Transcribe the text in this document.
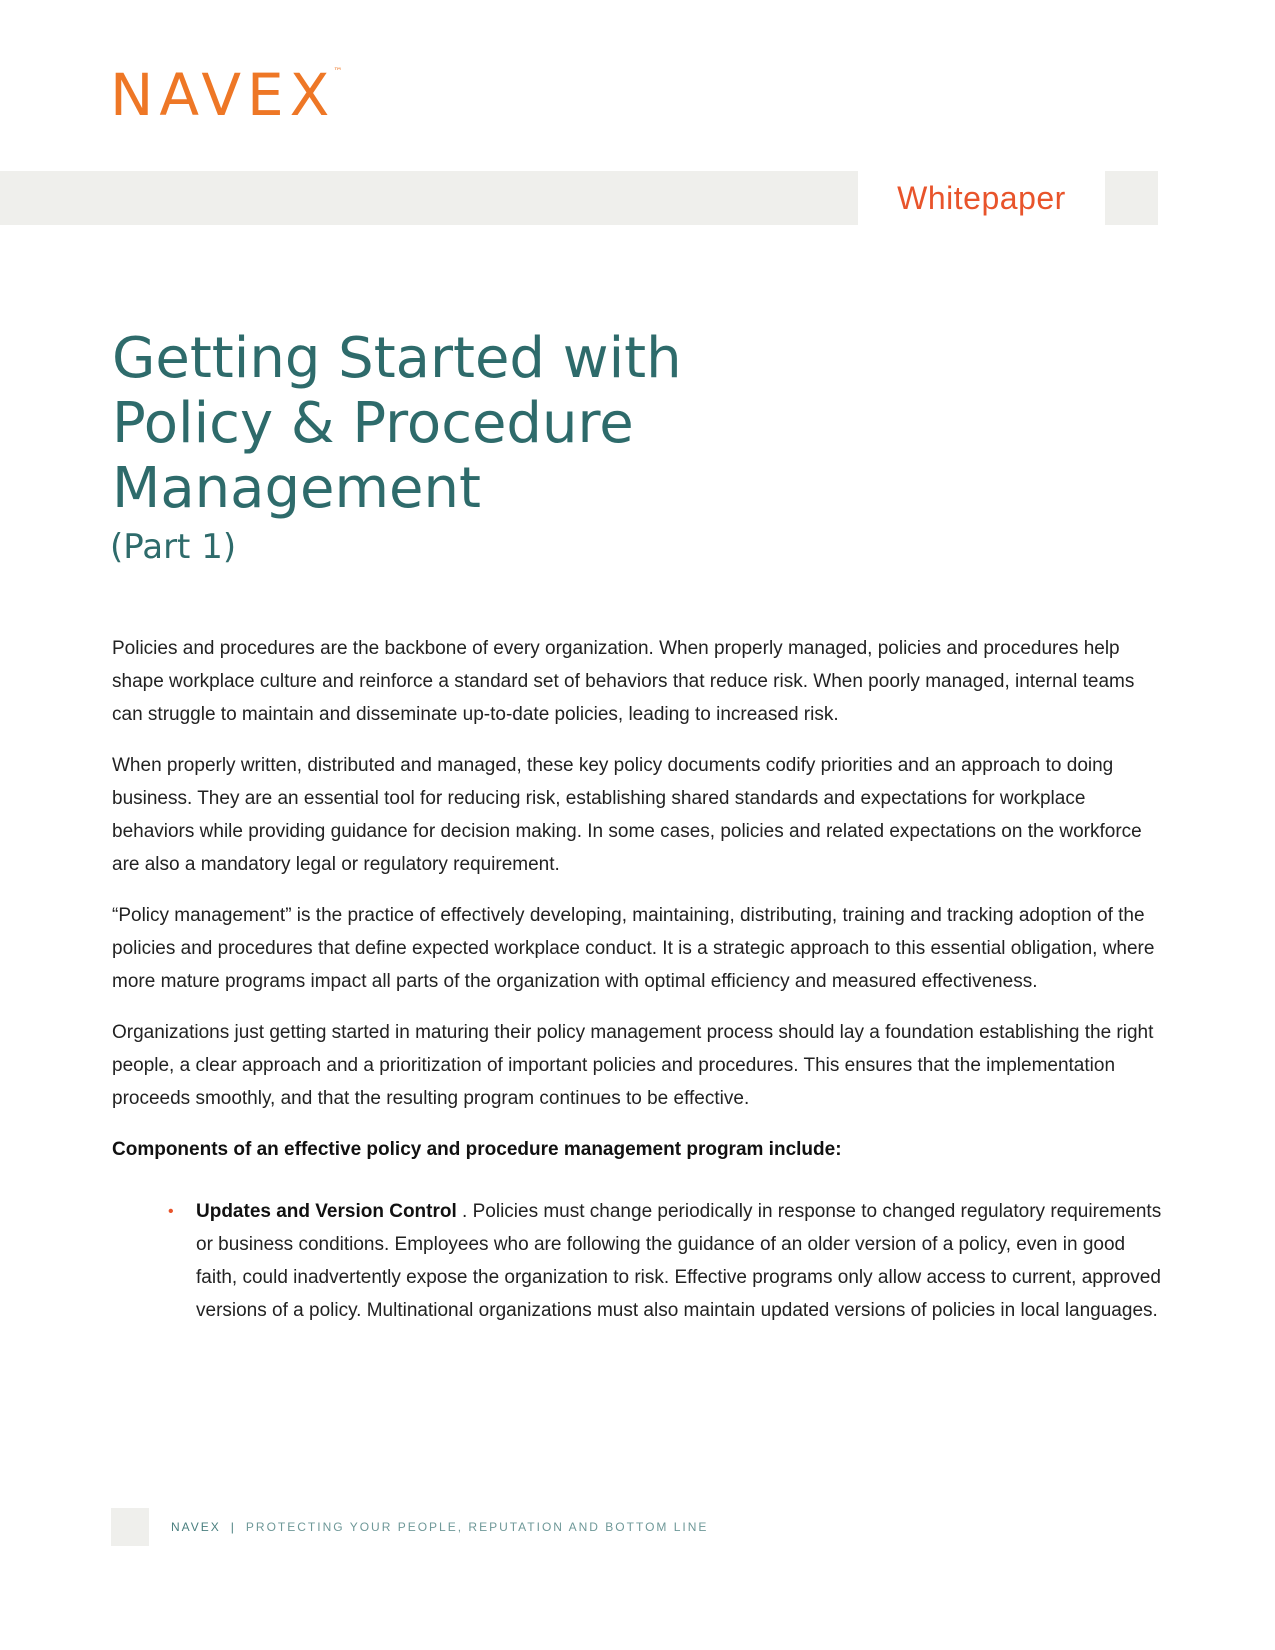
NAVEX™
Whitepaper
Getting Started with
Policy & Procedure
Management
(Part 1)

Policies and procedures are the backbone of every organization. When properly managed, policies and procedures help shape workplace culture and reinforce a standard set of behaviors that reduce risk. When poorly managed, internal teams can struggle to maintain and disseminate up-to-date policies, leading to increased risk.

When properly written, distributed and managed, these key policy documents codify priorities and an approach to doing business. They are an essential tool for reducing risk, establishing shared standards and expectations for workplace behaviors while providing guidance for decision making. In some cases, policies and related expectations on the workforce are also a mandatory legal or regulatory requirement.

“Policy management” is the practice of effectively developing, maintaining, distributing, training and tracking adoption of the policies and procedures that define expected workplace conduct. It is a strategic approach to this essential obligation, where more mature programs impact all parts of the organization with optimal efficiency and measured effectiveness.

Organizations just getting started in maturing their policy management process should lay a foundation establishing the right people, a clear approach and a prioritization of important policies and procedures. This ensures that the implementation proceeds smoothly, and that the resulting program continues to be effective.

Components of an effective policy and procedure management program include:

• Updates and Version Control . Policies must change periodically in response to changed regulatory requirements or business conditions. Employees who are following the guidance of an older version of a policy, even in good faith, could inadvertently expose the organization to risk. Effective programs only allow access to current, approved versions of a policy. Multinational organizations must also maintain updated versions of policies in local languages.
NAVEX | PROTECTING YOUR PEOPLE, REPUTATION AND BOTTOM LINE
